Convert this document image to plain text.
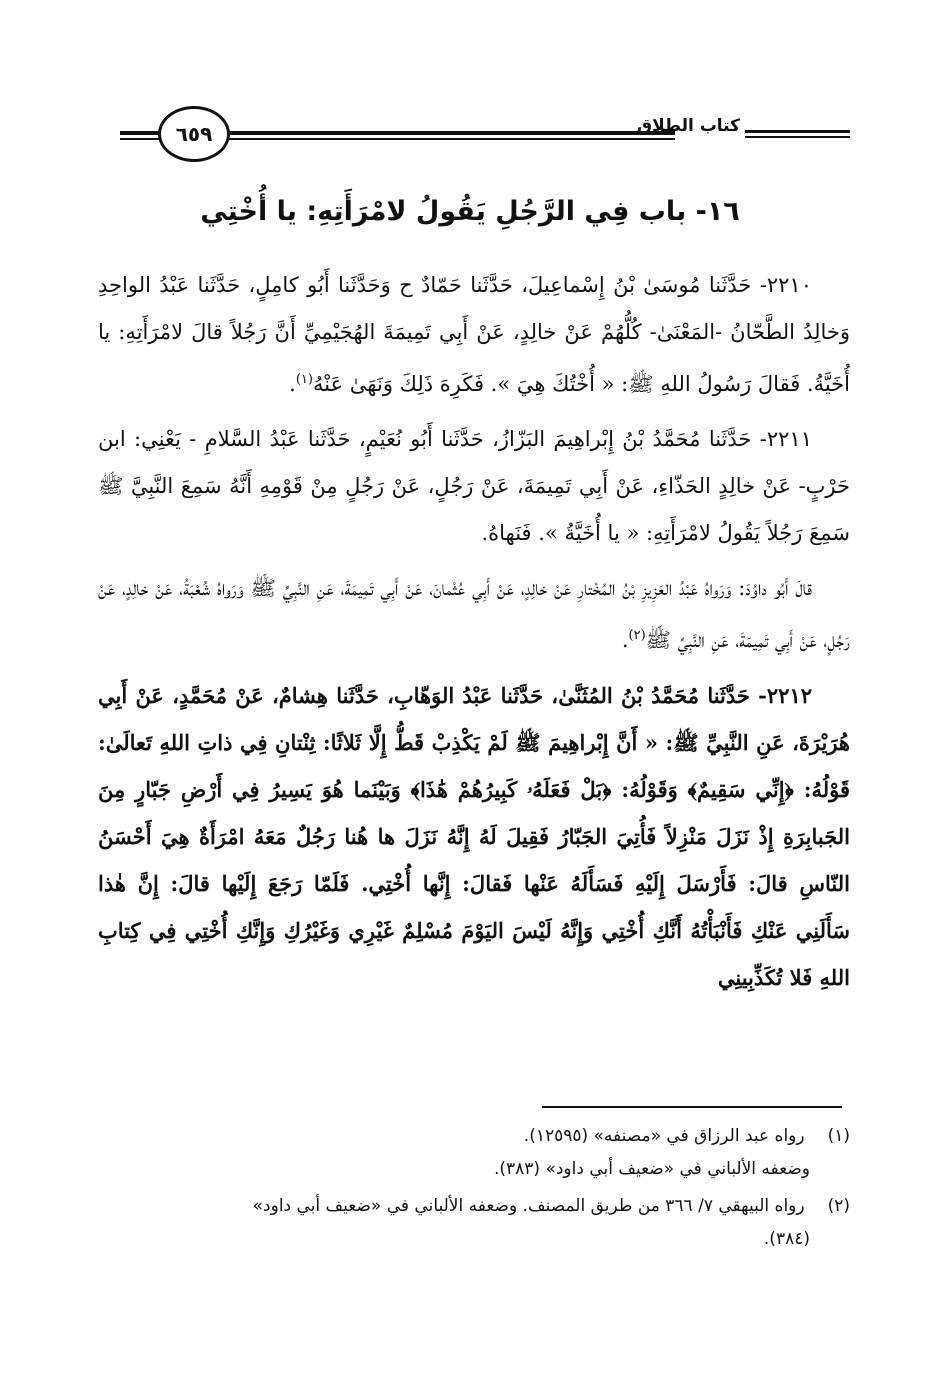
كتاب الطلاق
٦٥٩
١٦- باب فِي الرَّجُلِ يَقُولُ لامْرَأَتِهِ: يا أُخْتِي

٢٢١٠- حَدَّثَنا مُوسَىٰ بْنُ إِسْماعِيلَ، حَدَّثَنا حَمّادٌ ح وَحَدَّثَنا أَبُو كامِلٍ، حَدَّثَنا عَبْدُ الواحِدِ وَخالِدُ الطَّحّانُ -المَعْنَىٰ- كُلُّهُمْ عَنْ خالِدٍ، عَنْ أَبِي تَمِيمَةَ الهُجَيْمِيِّ أَنَّ رَجُلاً قالَ لامْرَأَتِهِ: يا أُخَيَّةُ. فَقالَ رَسُولُ اللهِ ﷺ: « أُخْتُكَ هِيَ ». فَكَرِهَ ذَلِكَ وَنَهَىٰ عَنْهُ$^{(١)}$.

٢٢١١- حَدَّثَنا مُحَمَّدُ بْنُ إِبْراهِيمَ البَزّازُ، حَدَّثَنا أَبُو نُعَيْمٍ، حَدَّثَنا عَبْدُ السَّلامِ - يَعْنِي: ابن حَرْبٍ- عَنْ خالِدٍ الحَذّاءِ، عَنْ أَبِي تَمِيمَةَ، عَنْ رَجُلٍ، عَنْ رَجُلٍ مِنْ قَوْمِهِ أَنَّهُ سَمِعَ النَّبِيَّ ﷺ سَمِعَ رَجُلاً يَقُولُ لامْرَأَتِهِ: « يا أُخَيَّةُ ». فَنَهاهُ.

قالَ أَبُو داوُدَ: وَرَواهُ عَبْدُ العَزِيزِ بْنُ المُخْتارِ عَنْ خالِدٍ، عَنْ أَبِي عُثْمانَ، عَنْ أَبِي تَمِيمَةَ، عَنِ النَّبِيِّ ﷺ وَرَواهُ شُعْبَةُ، عَنْ خالِدٍ، عَنْ رَجُلٍ، عَنْ أَبِي تَمِيمَةَ، عَنِ النَّبِيِّ ﷺ$^{(٢)}$.

٢٢١٢- حَدَّثَنا مُحَمَّدُ بْنُ المُثَنَّىٰ، حَدَّثَنا عَبْدُ الوَهّابِ، حَدَّثَنا هِشامٌ، عَنْ مُحَمَّدٍ، عَنْ أَبِي هُرَيْرَةَ، عَنِ النَّبِيِّ ﷺ: « أَنَّ إِبْراهِيمَ ﷺ لَمْ يَكْذِبْ قَطُّ إِلَّا ثَلاثًا: ثِنْتانِ فِي ذاتِ اللهِ تَعالَىٰ: قَوْلُهُ: ﴿إِنِّي سَقِيمٌ﴾ وَقَوْلُهُ: ﴿بَلْ فَعَلَهُۥ كَبِيرُهُمْ هَٰذَا﴾ وَبَيْنَما هُوَ يَسِيرُ فِي أَرْضِ جَبّارٍ مِنَ الجَبابِرَةِ إِذْ نَزَلَ مَنْزِلاً فَأُتِيَ الجَبّارُ فَقِيلَ لَهُ إِنَّهُ نَزَلَ ها هُنا رَجُلٌ مَعَهُ امْرَأَةٌ هِيَ أَحْسَنُ النّاسِ قالَ: فَأَرْسَلَ إِلَيْهِ فَسَأَلَهُ عَنْها فَقالَ: إِنَّها أُخْتِي. فَلَمّا رَجَعَ إِلَيْها قالَ: إِنَّ هٰذا سَأَلَنِي عَنْكِ فَأَنْبَأْتُهُ أَنَّكِ أُخْتِي وَإِنَّهُ لَيْسَ اليَوْمَ مُسْلِمٌ غَيْرِي وَغَيْرُكِ وَإِنَّكِ أُخْتِي فِي كِتابِ اللهِ فَلا تُكَذِّبِينِي

(١) رواه عبد الرزاق في «مصنفه» (١٢٥٩٥).
وضعفه الألباني في «ضعيف أبي داود» (٣٨٣).
(٢) رواه البيهقي ٧/ ٣٦٦ من طريق المصنف. وضعفه الألباني في «ضعيف أبي داود»
(٣٨٤).
